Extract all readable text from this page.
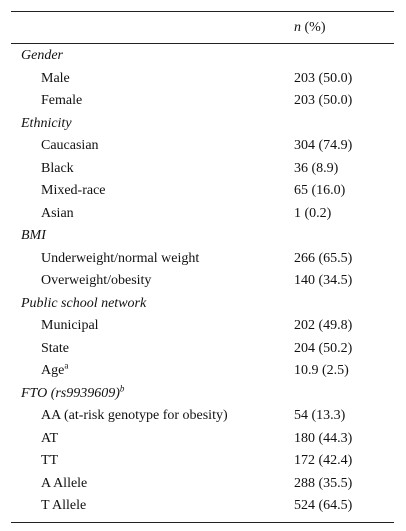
n (%)
Gender
Male	203 (50.0)
Female	203 (50.0)
Ethnicity
Caucasian	304 (74.9)
Black	36 (8.9)
Mixed-race	65 (16.0)
Asian	1 (0.2)
BMI
Underweight/normal weight	266 (65.5)
Overweight/obesity	140 (34.5)
Public school network
Municipal	202 (49.8)
State	204 (50.2)
Age$^a$	10.9 (2.5)
FTO $(rs9939609)^b$
AA (at-risk genotype for obesity)	54 (13.3)
AT	180 (44.3)
TT	172 (42.4)
A Allele	288 (35.5)
T Allele	524 (64.5)
